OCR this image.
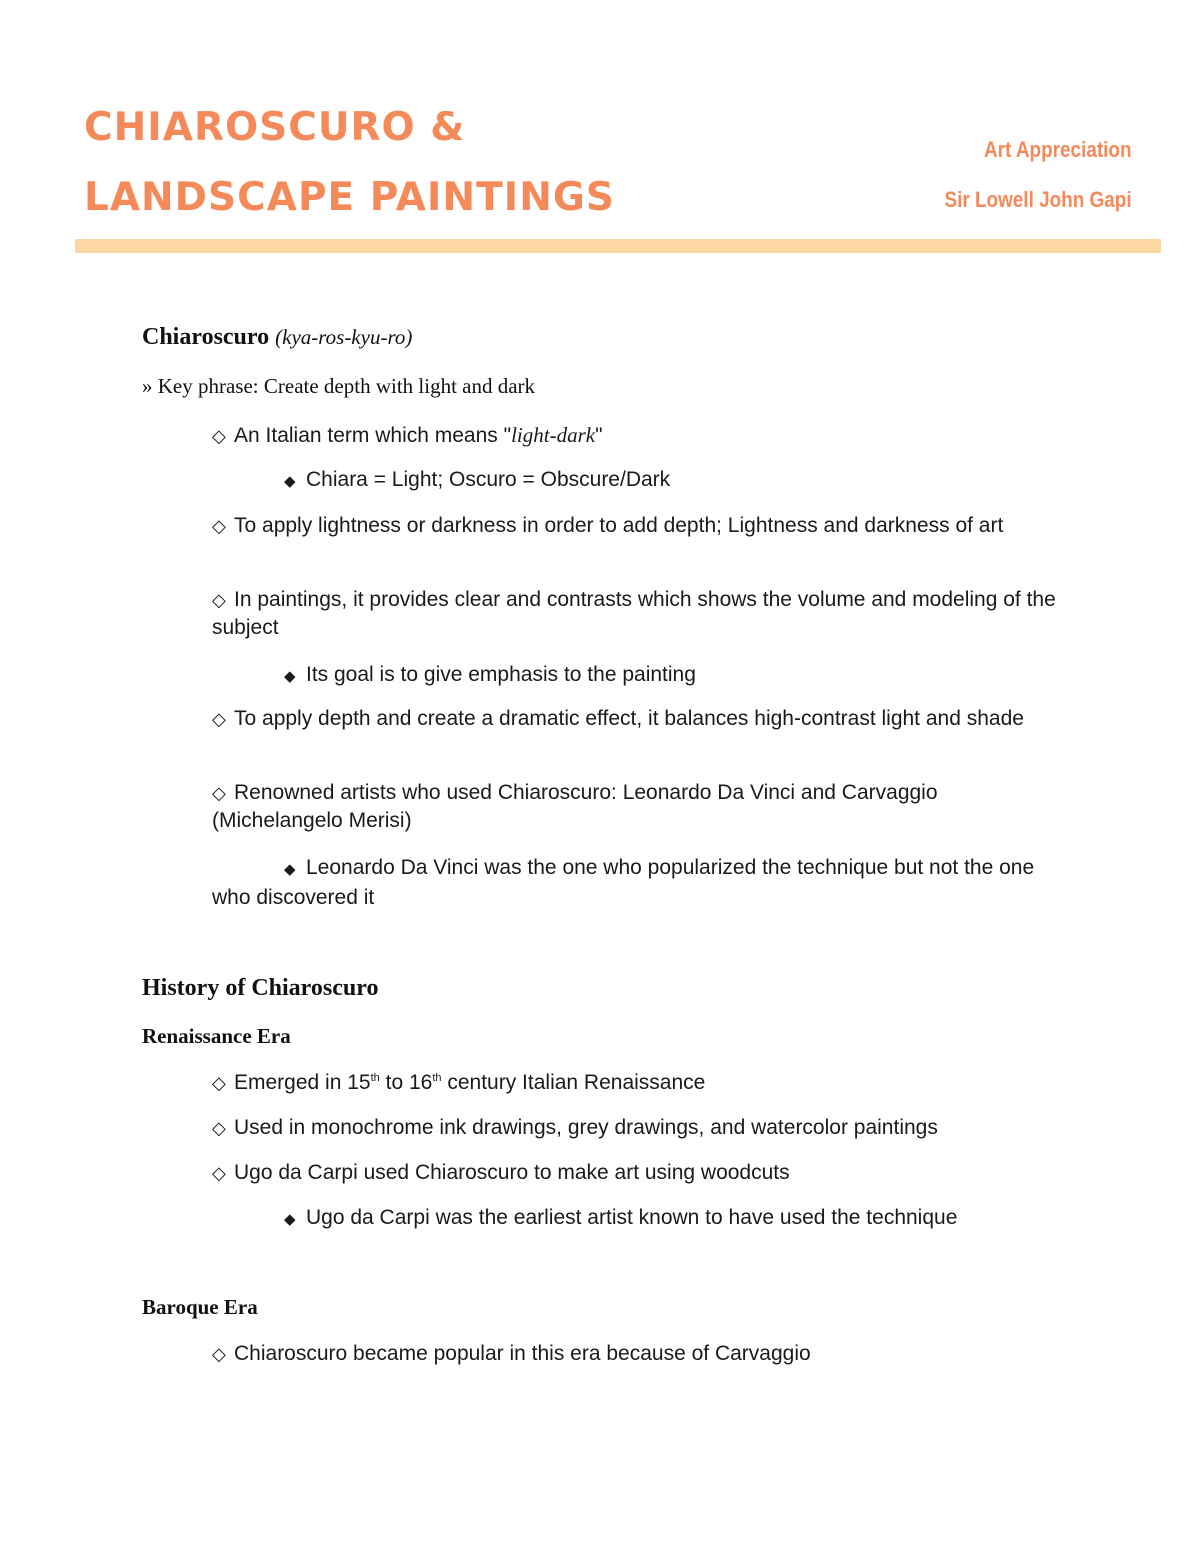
CHIAROSCURO &
LANDSCAPE PAINTINGS
Art Appreciation
Sir Lowell John Gapi
Chiaroscuro (kya-ros-kyu-ro)
» Key phrase: Create depth with light and dark
◇ An Italian term which means "light-dark"
◆ Chiara = Light; Oscuro = Obscure/Dark
◇ To apply lightness or darkness in order to add depth; Lightness and darkness of art
◇ In paintings, it provides clear and contrasts which shows the volume and modeling of the subject
◆ Its goal is to give emphasis to the painting
◇ To apply depth and create a dramatic effect, it balances high-contrast light and shade
◇ Renowned artists who used Chiaroscuro: Leonardo Da Vinci and Carvaggio (Michelangelo Merisi)
◆ Leonardo Da Vinci was the one who popularized the technique but not the one who discovered it
History of Chiaroscuro
Renaissance Era
◇ Emerged in 15th to 16th century Italian Renaissance
◇ Used in monochrome ink drawings, grey drawings, and watercolor paintings
◇ Ugo da Carpi used Chiaroscuro to make art using woodcuts
◆ Ugo da Carpi was the earliest artist known to have used the technique
Baroque Era
◇ Chiaroscuro became popular in this era because of Carvaggio
